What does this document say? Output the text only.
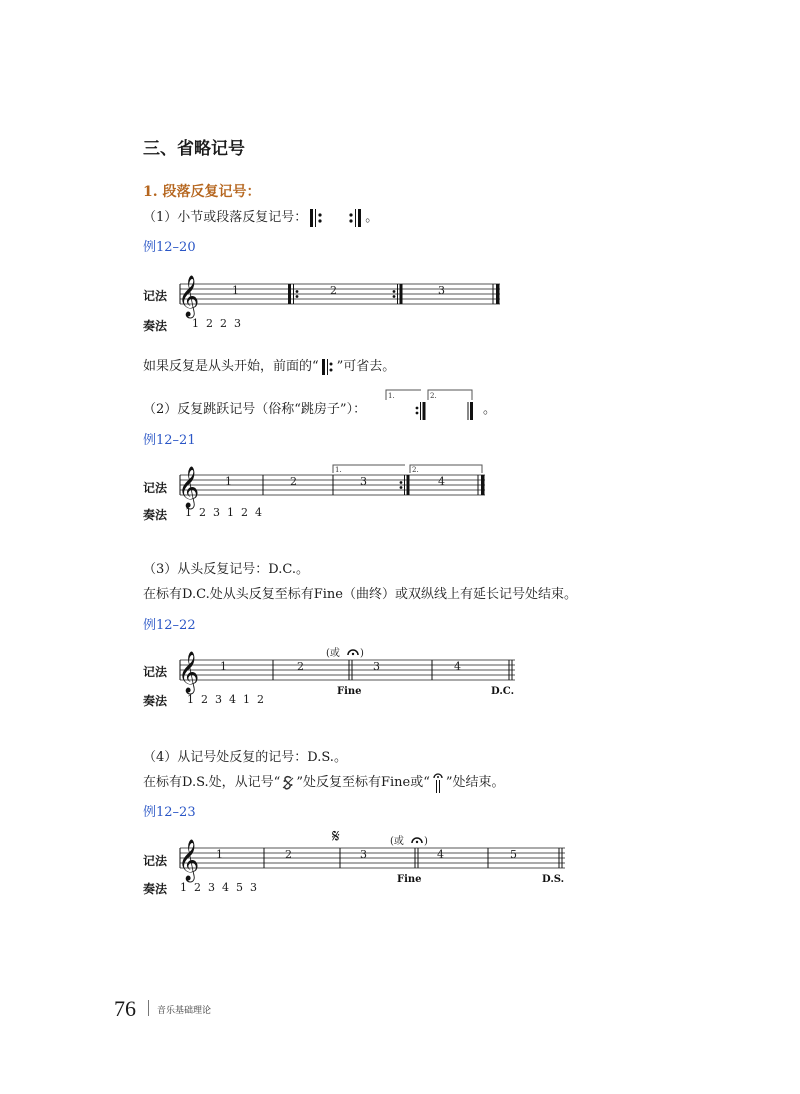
三、省略记号
1. 段落反复记号：
（1）小节或段落反复记号：	。
例12–20
记法
奏法
𝄞	1	2	3
1  2  2  3
如果反复是从头开始，前面的“ ”可省去。
（2）反复跳跃记号（俗称“跳房子”）：
1.	2.
。
例12–21
记法
奏法
𝄞	1.	2.
1	2	3	4
1  2  3  1  2  4
（3）从头反复记号：D.C.。
在标有D.C.处从头反复至标有Fine（曲终）或双纵线上有延长记号处结束。
例12–22
记法
奏法
𝄞	(或 )
Fine	D.C.
1	2	3	4
1  2  3  4  1  2
（4）从记号处反复的记号：D.S.。
在标有D.S.处，从记号“ ”处反复至标有Fine或“ ”处结束。
例12–23
记法
奏法
𝄞
𝄋	(或 )
Fine	D.S.
1	2	3	4	5
1  2  3  4  5  3
76 音乐基础理论
